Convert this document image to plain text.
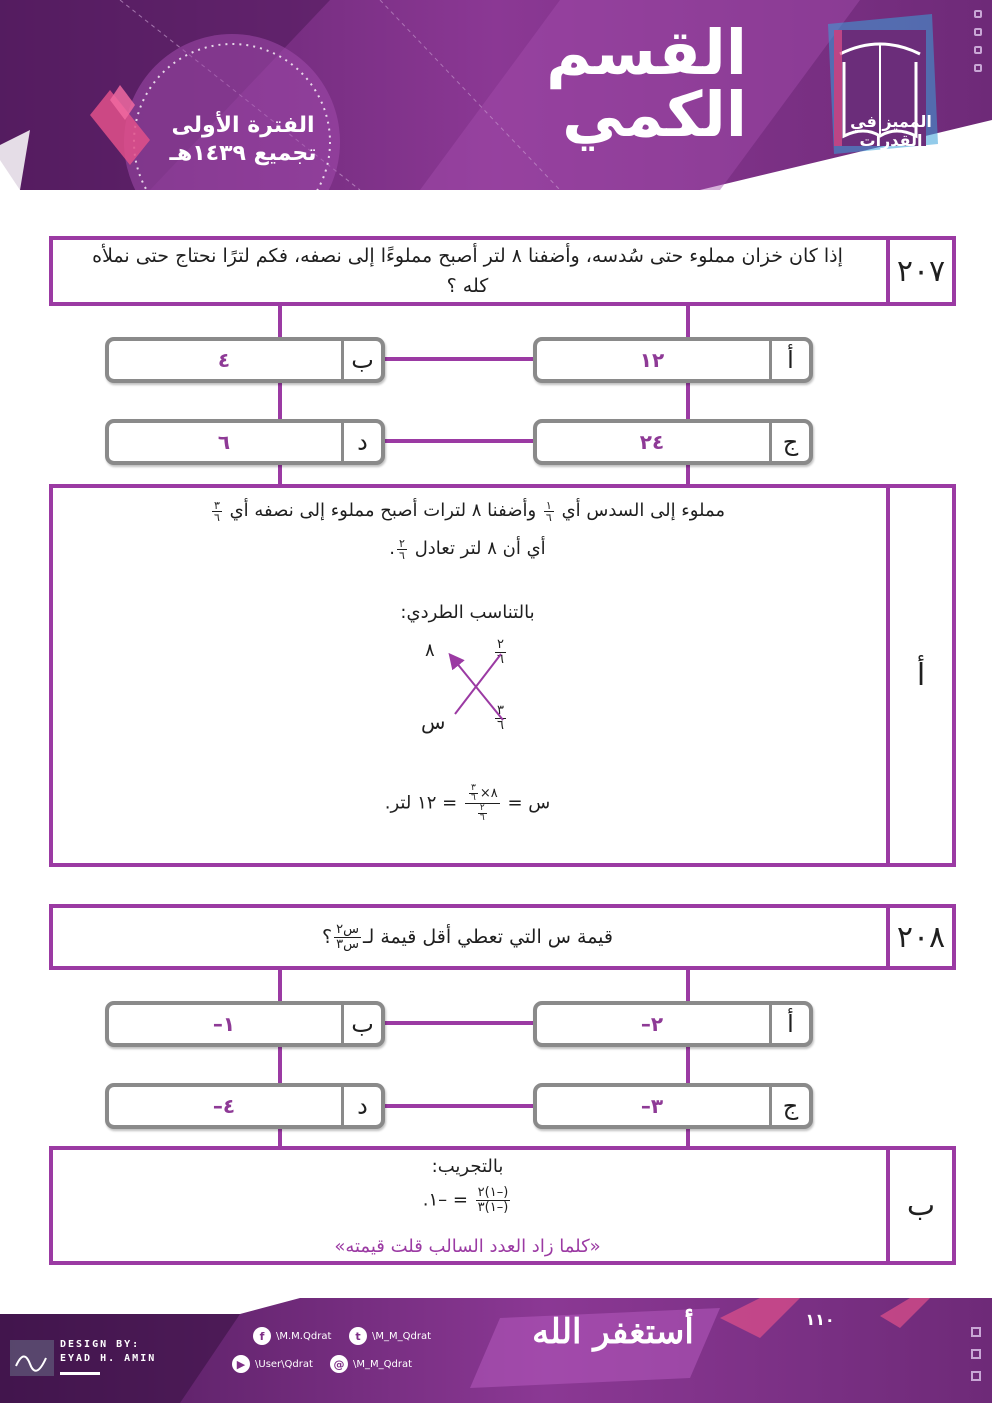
القسم
الكمي
الفترة الأولى
تجميع ١٤٣٩هـ
المميز في القدرات
٢٠٧
إذا كان خزان مملوء حتى سُدسه، وأضفنا ٨ لتر أصبح مملوءًا إلى نصفه، فكم لترًا نحتاج حتى نملأه كله ؟
أ
١٢
ب
٤
ج
٢٤
د
٦
أ
مملوء إلى السدس أي
$\frac{١}{٦}$
وأضفنا ٨ لترات أصبح مملوء إلى نصفه أي
$\frac{٣}{٦}$
أي أن ٨ لتر تعادل
$\frac{٢}{٦}$
.
بالتناسب الطردي:
٢
٦
٣
٦
٨
س
س =
٨×
$\frac{٣}{٦}$
$\frac{٢}{٦}$
= ١٢ لتر.
٢٠٨
قيمة س التي تعطي أقل قيمة لـ
$\frac{\text{س٢}}{\text{س٣}}$
؟
أ
–٢
ب
–١
ج
–٣
د
–٤
ب
بالتجريب:
$\frac{(-١)٢}{(-١)٣}$
= –١.
«كلما زاد العدد السالب قلت قيمته»
DESIGN BY:
EYAD H. AMIN
f	\M.M.Qdrat	t	\M_M_Qdrat
▶ \User\Qdrat	@ \M_M_Qdrat
أستغفر الله	١١٠
